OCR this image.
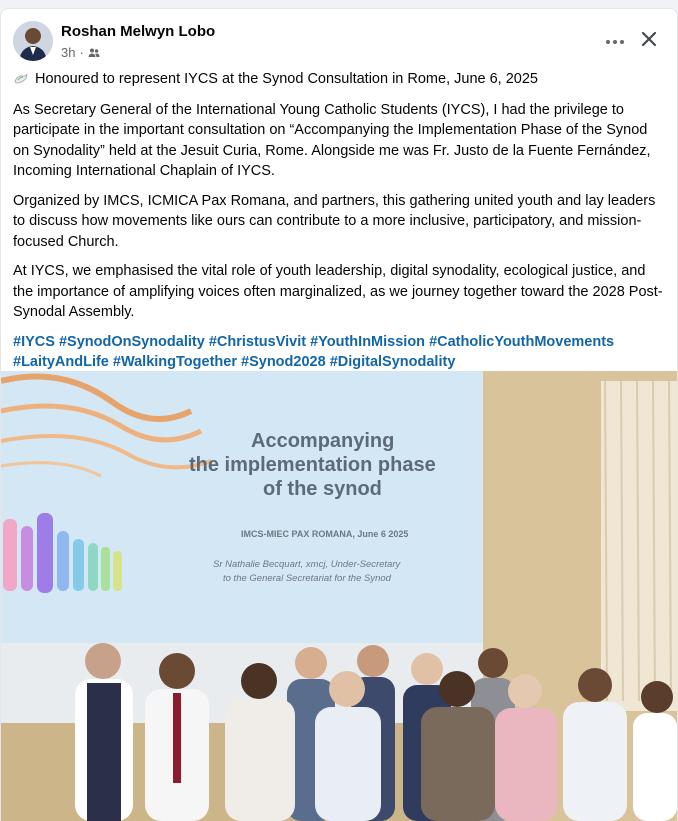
Roshan Melwyn Lobo
3h ·

Honoured to represent IYCS at the Synod Consultation in Rome, June 6, 2025

As Secretary General of the International Young Catholic Students (IYCS), I had the privilege to participate in the important consultation on “Accompanying the Implementation Phase of the Synod on Synodality” held at the Jesuit Curia, Rome. Alongside me was Fr. Justo de la Fuente Fernández, Incoming International Chaplain of IYCS.

Organized by IMCS, ICMICA Pax Romana, and partners, this gathering united youth and lay leaders to discuss how movements like ours can contribute to a more inclusive, participatory, and mission-focused Church.

At IYCS, we emphasised the vital role of youth leadership, digital synodality, ecological justice, and the importance of amplifying voices often marginalized, as we journey together toward the 2028 Post-Synodal Assembly.

#IYCS #SynodOnSynodality #ChristusVivit #YouthInMission #CatholicYouthMovements #LaityAndLife #WalkingTogether #Synod2028 #DigitalSynodality
Accompanying
the implementation phase
of the synod
IMCS-MIEC PAX ROMANA, June 6 2025
Sr Nathalie Becquart, xmcj, Under-Secretary
to the General Secretariat for the Synod
